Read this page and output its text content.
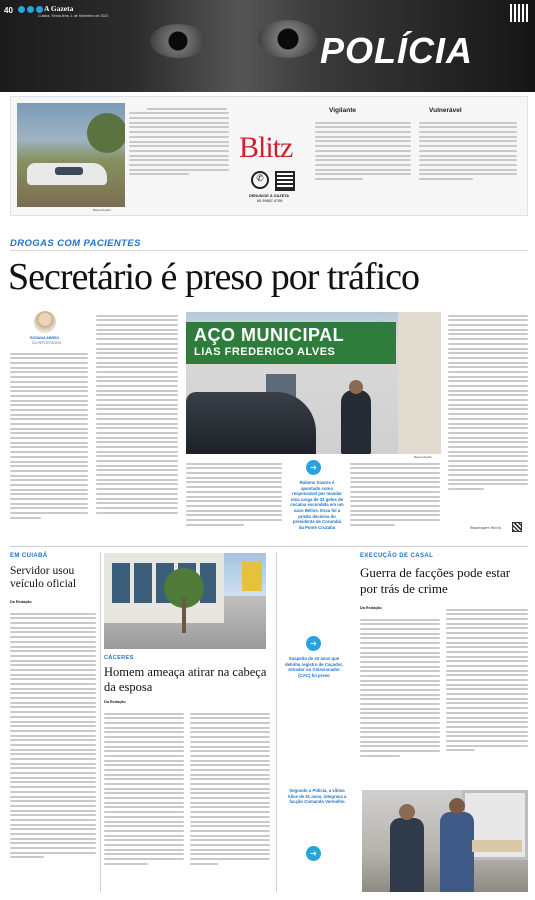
40	A Gazeta
Cuiabá, Sexta-feira, 1 de Setembro de 2023
POLÍCIA
Reprodução
Blitz
✆
DENUNCIE À GAZETA
65 99887-6789
Vigilante	Vulnerável
DROGAS COM PACIENTES
Secretário é preso por tráfico
ROSANA ABREU
DA REPORTAGEM	AÇO MUNICIPAL
LIAS FREDERICO ALVES
Reprodução
➜
Rubens Soares é apontado como responsável por mandar uma carga de 32 gelos de cocaína escondida em um saco Beline. Essa foi a prisão decisiva do presidente de Corumbá da Ponte Cruzaba	Reportagem Polícia
EM CUIABÁ
Servidor usou veículo oficial
Da Redação
➜
Suspeito de 43 anos que detinha registro de Caçador, Atirador ou Colecionador (CAC) foi preso
CÁCERES
Homem ameaça atirar na cabeça da esposa
Da Redação
EXECUÇÃO DE CASAL
Guerra de facções pode estar por trás de crime
Da Redação
Segundo a Polícia, a vítima Alice de 31 anos, integrava a facção Comando Vermelho
➜
